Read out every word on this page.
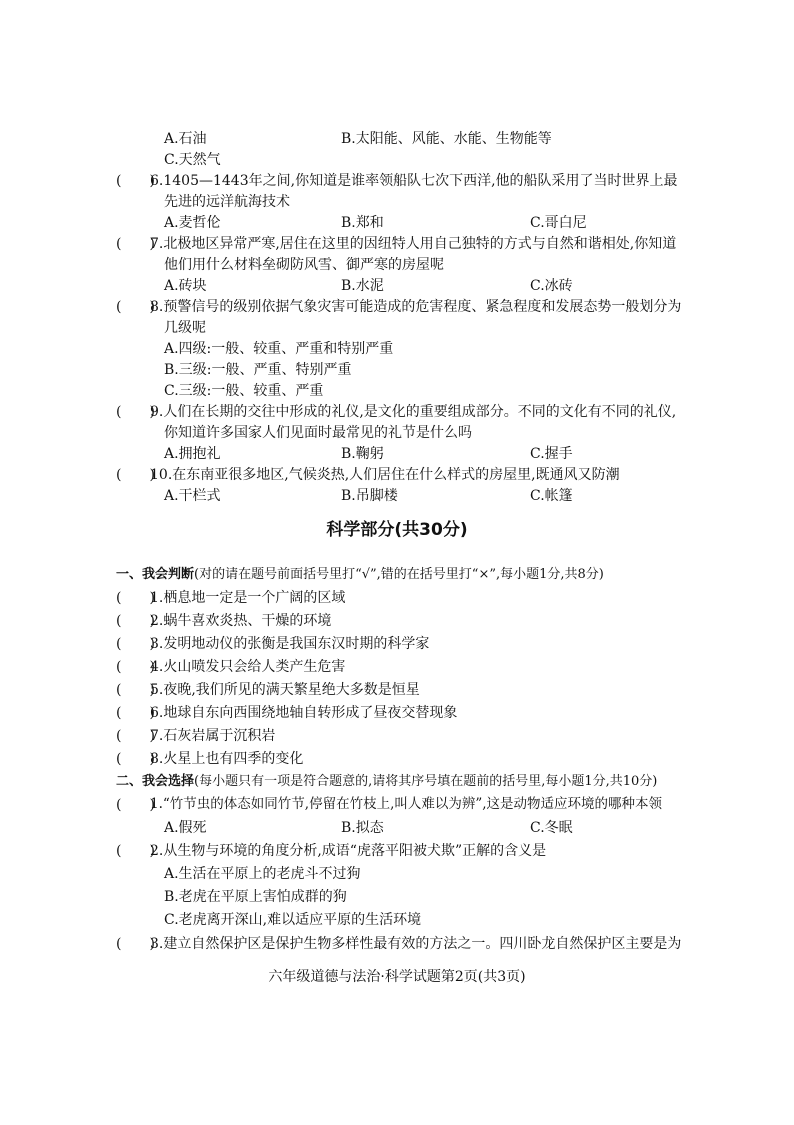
A.石油	B.太阳能、风能、水能、生物能等
C.天然气
(　　)
6.1405—1443年之间,你知道是谁率领船队七次下西洋,他的船队采用了当时世界上最
先进的远洋航海技术
A.麦哲伦	B.郑和	C.哥白尼
(　　)
7.北极地区异常严寒,居住在这里的因纽特人用自己独特的方式与自然和谐相处,你知道
他们用什么材料垒砌防风雪、御严寒的房屋呢
A.砖块	B.水泥	C.冰砖
(　　)
8.预警信号的级别依据气象灾害可能造成的危害程度、紧急程度和发展态势一般划分为
几级呢
A.四级:一般、较重、严重和特别严重
B.三级:一般、严重、特别严重
C.三级:一般、较重、严重
(　　)
9.人们在长期的交往中形成的礼仪,是文化的重要组成部分。不同的文化有不同的礼仪,
你知道许多国家人们见面时最常见的礼节是什么吗
A.拥抱礼	B.鞠躬	C.握手
(　　)
10.在东南亚很多地区,气候炎热,人们居住在什么样式的房屋里,既通风又防潮
A.干栏式	B.吊脚楼	C.帐篷
科学部分(共30分)
一、我会判断(对的请在题号前面括号里打“√”,错的在括号里打“×”,每小题1分,共8分)
(　　)
1.栖息地一定是一个广阔的区域
(　　)
2.蜗牛喜欢炎热、干燥的环境
(　　)
3.发明地动仪的张衡是我国东汉时期的科学家
(　　)
4.火山喷发只会给人类产生危害
(　　)
5.夜晚,我们所见的满天繁星绝大多数是恒星
(　　)
6.地球自东向西围绕地轴自转形成了昼夜交替现象
(　　)
7.石灰岩属于沉积岩
(　　)
8.火星上也有四季的变化
二、我会选择(每小题只有一项是符合题意的,请将其序号填在题前的括号里,每小题1分,共10分)
(　　)
1.“竹节虫的体态如同竹节,停留在竹枝上,叫人难以为辨”,这是动物适应环境的哪种本领
A.假死	B.拟态	C.冬眠
(　　)
2.从生物与环境的角度分析,成语“虎落平阳被犬欺”正解的含义是
A.生活在平原上的老虎斗不过狗
B.老虎在平原上害怕成群的狗
C.老虎离开深山,难以适应平原的生活环境
(　　)
3.建立自然保护区是保护生物多样性最有效的方法之一。四川卧龙自然保护区主要是为
六年级道德与法治·科学试题第2页(共3页)
